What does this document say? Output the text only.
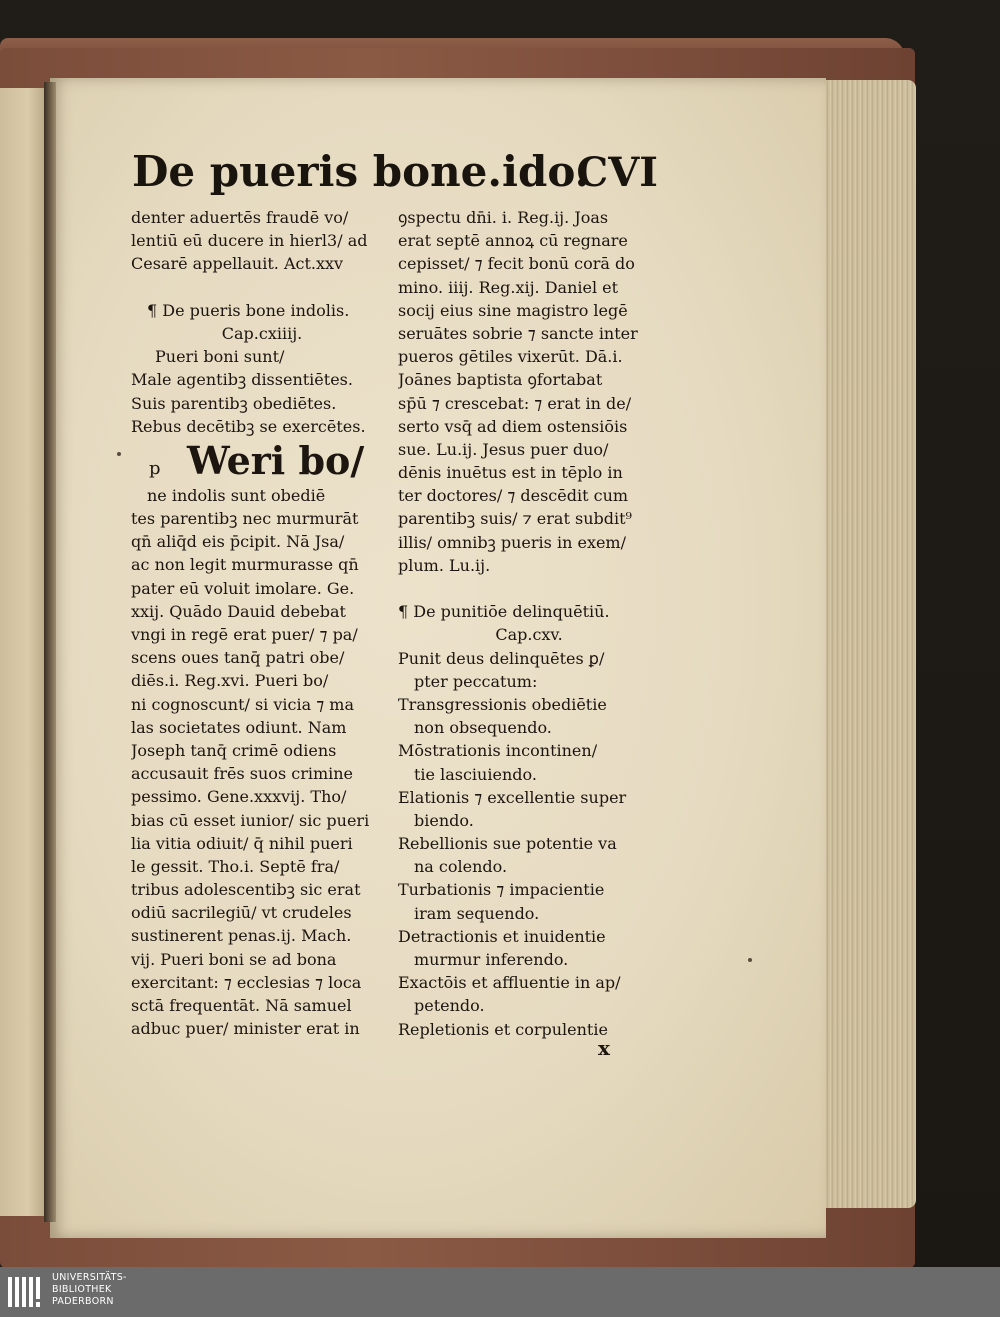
De pueris bone.ido.
CVI
p
denter aduertēs fraudē vo/
lentiū eū ducere in hierl3/ ad
Cesarē appellauit. Act.xxv
¶ De pueris bone indolis.
Cap.cxiiij.
Pueri boni sunt/
Male agentibꝫ dissentiētes.
Suis parentibꝫ obediētes.
Rebus decētibꝫ se exercētes.
Weri bo/
ne indolis sunt obediē
tes parentibꝫ nec murmurāt
qn̄ aliq̄d eis p̄cipit. Nā Jsa/
ac non legit murmurasse qn̄
pater eū voluit imolare. Ge.
xxij. Quādo Dauid debebat
vngi in regē erat puer/ ⁊ pa/
scens oues tanq̄ patri obe/
diēs.i. Reg.xvi. Pueri bo/
ni cognoscunt/ si vicia ⁊ ma
las societates odiunt. Nam
Joseph tanq̄ crimē odiens
accusauit frēs suos crimine
pessimo. Gene.xxxvij. Tho/
bias cū esset iunior/ sic pueri
lia vitia odiuit/ q̄ nihil pueri
le gessit. Tho.i. Septē fra/
tribus adolescentibꝫ sic erat
odiū sacrilegiū/ vt crudeles
sustinerent penas.ij. Mach.
vij. Pueri boni se ad bona
exercitant: ⁊ ecclesias ⁊ loca
sctā frequentāt. Nā samuel
adbuc puer/ minister erat in
ꝯspectu dn̄i. i. Reg.ij. Joas
erat septē annoꝝ cū regnare
cepisset/ ⁊ fecit bonū corā do
mino. iiij. Reg.xij. Daniel et
socij eius sine magistro legē
seruātes sobrie ⁊ sancte inter
pueros gētiles vixerūt. Dā.i.
Joānes baptista ꝯfortabat
sp̄ū ⁊ crescebat: ⁊ erat in de/
serto vsq̄ ad diem ostensiōis
sue. Lu.ij. Jesus puer duo/
dēnis inuētus est in tēplo in
ter doctores/ ⁊ descēdit cum
parentibꝫ suis/ ⁊ erat subdit⁹
illis/ omnibꝫ pueris in exem/
plum. Lu.ij.
¶ De punitiōe delinquētiū.
Cap.cxv.
Punit deus delinquētes ꝑ/
pter peccatum:
Transgressionis obediētie
non obsequendo.
Mōstrationis incontinen/
tie lasciuiendo.
Elationis ⁊ excellentie super
biendo.
Rebellionis sue potentie va
na colendo.
Turbationis ⁊ impacientie
iram sequendo.
Detractionis et inuidentie
murmur inferendo.
Exactōis et affluentie in ap/
petendo.
Repletionis et corpulentie
x
UNIVERSITÄTS-
BIBLIOTHEK
PADERBORN
